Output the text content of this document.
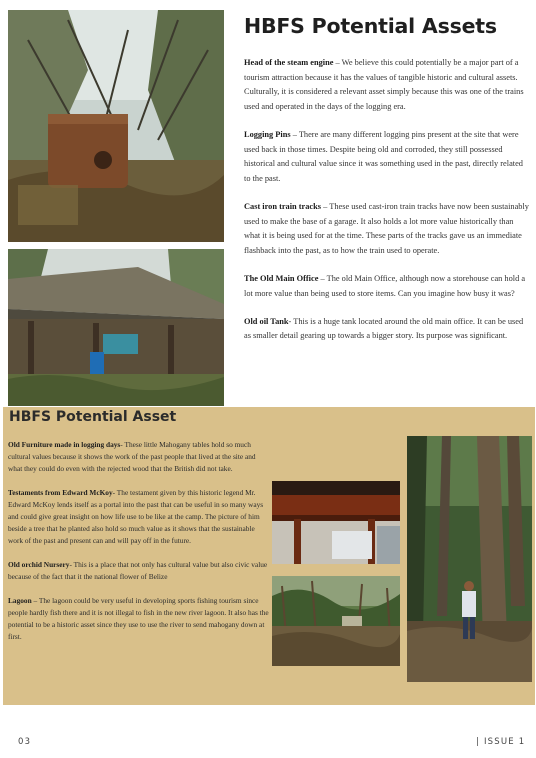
HBFS Potential Assets

Head of the steam engine – We believe this could potentially be a major part of a tourism attraction because it has the values of tangible historic and cultural assets. Culturally, it is considered a relevant asset simply because this was one of the trains used and operated in the days of the logging era.

Logging Pins – There are many different logging pins present at the site that were used back in those times. Despite being old and corroded, they still possessed historical and cultural value since it was something used in the past, directly related to the past.

Cast iron train tracks – These used cast-iron train tracks have now been sustainably used to make the base of a garage. It also holds a lot more value historically than what it is being used for at the time. These parts of the tracks gave us an immediate flashback into the past, as to how the train used to operate.

The Old Main Office – The old Main Office, although now a storehouse can hold a lot more value than being used to store items. Can you imagine how busy it was?

Old oil Tank- This is a huge tank located around the old main office. It can be used as smaller detail gearing up towards a bigger story. Its purpose was significant.

HBFS Potential Asset

Old Furniture made in logging days- These little Mahogany tables hold so much cultural values because it shows the work of the past people that lived at the site and what they could do even with the rejected wood that the British did not take.

Testaments from Edward McKoy- The testament given by this historic legend Mr. Edward McKoy lends itself as a portal into the past that can be useful in so many ways and could give great insight on how life use to be like at the camp. The picture of him beside a tree that he planted also hold so much value as it shows that the sustainable work of the past and present can and will pay off in the future.

Old orchid Nursery- This is a place that not only has cultural value but also civic value because of the fact that it the national flower of Belize

Lagoon – The lagoon could be very useful in developing sports fishing tourism since people hardly fish there and it is not illegal to fish in the new river lagoon. It also has the potential to be a historic asset since they use to use the river to send mahogany down at first.

03	| ISSUE 1
